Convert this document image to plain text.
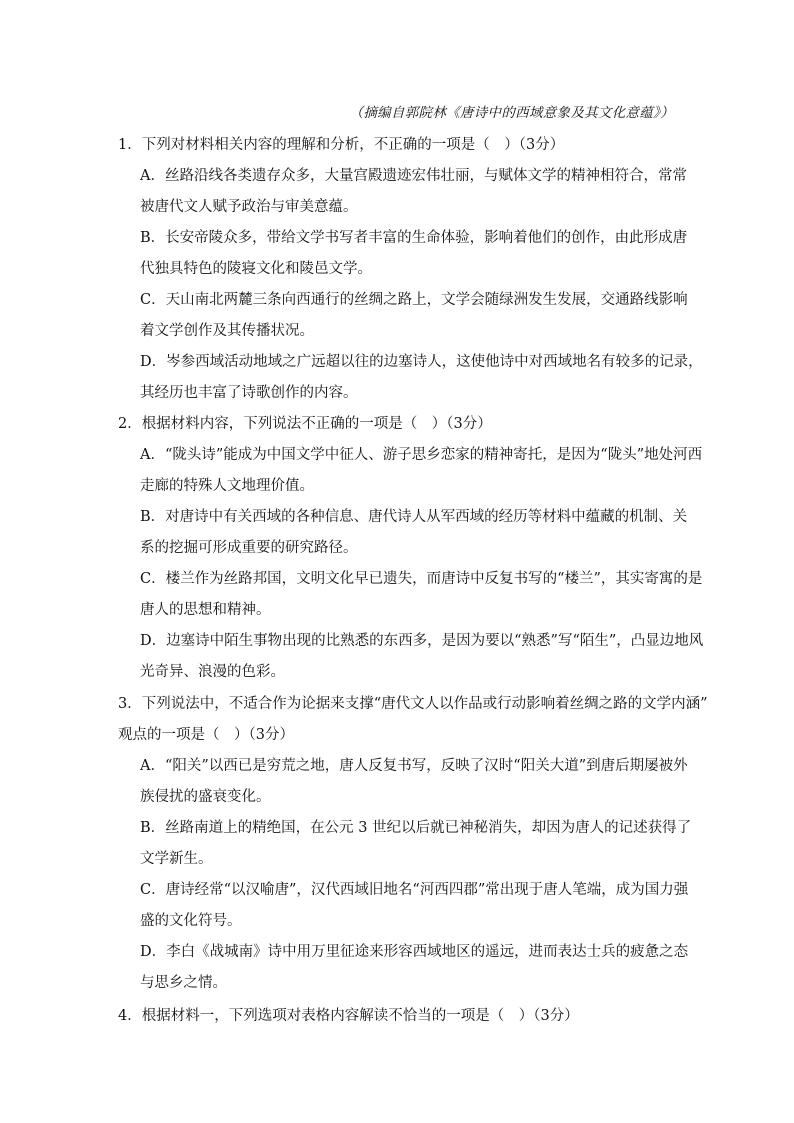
（摘编自郭院林《唐诗中的西域意象及其文化意蕴》）
1．下列对材料相关内容的理解和分析，不正确的一项是（　）（3分）
A．丝路沿线各类遗存众多，大量宫殿遗迹宏伟壮丽，与赋体文学的精神相符合，常常
被唐代文人赋予政治与审美意蕴。
B．长安帝陵众多，带给文学书写者丰富的生命体验，影响着他们的创作，由此形成唐
代独具特色的陵寝文化和陵邑文学。
C．天山南北两麓三条向西通行的丝绸之路上，文学会随绿洲发生发展，交通路线影响
着文学创作及其传播状况。
D．岑参西域活动地域之广远超以往的边塞诗人，这使他诗中对西域地名有较多的记录，
其经历也丰富了诗歌创作的内容。
2．根据材料内容，下列说法不正确的一项是（　）（3分）
A．“陇头诗”能成为中国文学中征人、游子思乡恋家的精神寄托，是因为“陇头”地处河西
走廊的特殊人文地理价值。
B．对唐诗中有关西域的各种信息、唐代诗人从军西域的经历等材料中蕴藏的机制、关
系的挖掘可形成重要的研究路径。
C．楼兰作为丝路邦国，文明文化早已遗失，而唐诗中反复书写的“楼兰”，其实寄寓的是
唐人的思想和精神。
D．边塞诗中陌生事物出现的比熟悉的东西多，是因为要以“熟悉”写“陌生”，凸显边地风
光奇异、浪漫的色彩。
3．下列说法中，不适合作为论据来支撑“唐代文人以作品或行动影响着丝绸之路的文学内涵”
观点的一项是（　）（3分）
A．“阳关”以西已是穷荒之地，唐人反复书写，反映了汉时“阳关大道”到唐后期屡被外
族侵扰的盛衰变化。
B．丝路南道上的精绝国，在公元 3 世纪以后就已神秘消失，却因为唐人的记述获得了
文学新生。
C．唐诗经常“以汉喻唐”，汉代西域旧地名“河西四郡”常出现于唐人笔端，成为国力强
盛的文化符号。
D．李白《战城南》诗中用万里征途来形容西域地区的遥远，进而表达士兵的疲惫之态
与思乡之情。
4．根据材料一，下列选项对表格内容解读不恰当的一项是（　）（3分）
